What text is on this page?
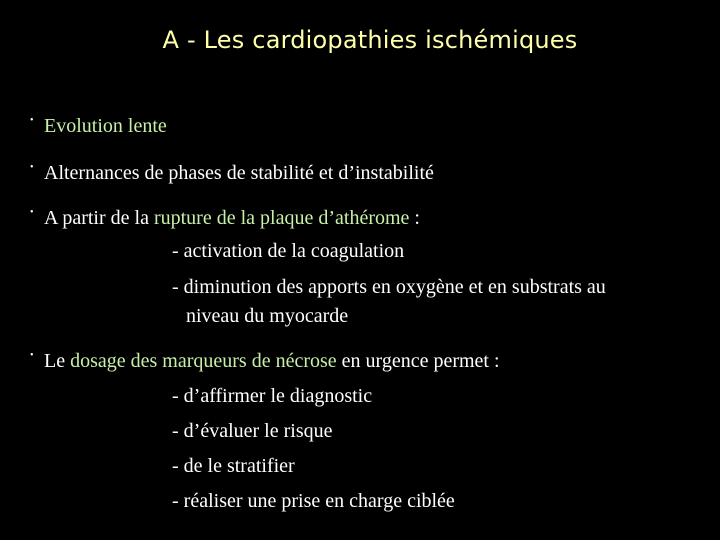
A - Les cardiopathies ischémiques
• Evolution lente
• Alternances de phases de stabilité et d’instabilité
• A partir de la rupture de la plaque d’athérome :
- activation de la coagulation
- diminution des apports en oxygène et en substrats au
niveau du myocarde
• Le dosage des marqueurs de nécrose en urgence permet :
- d’affirmer le diagnostic
- d’évaluer le risque
- de le stratifier
- réaliser une prise en charge ciblée
